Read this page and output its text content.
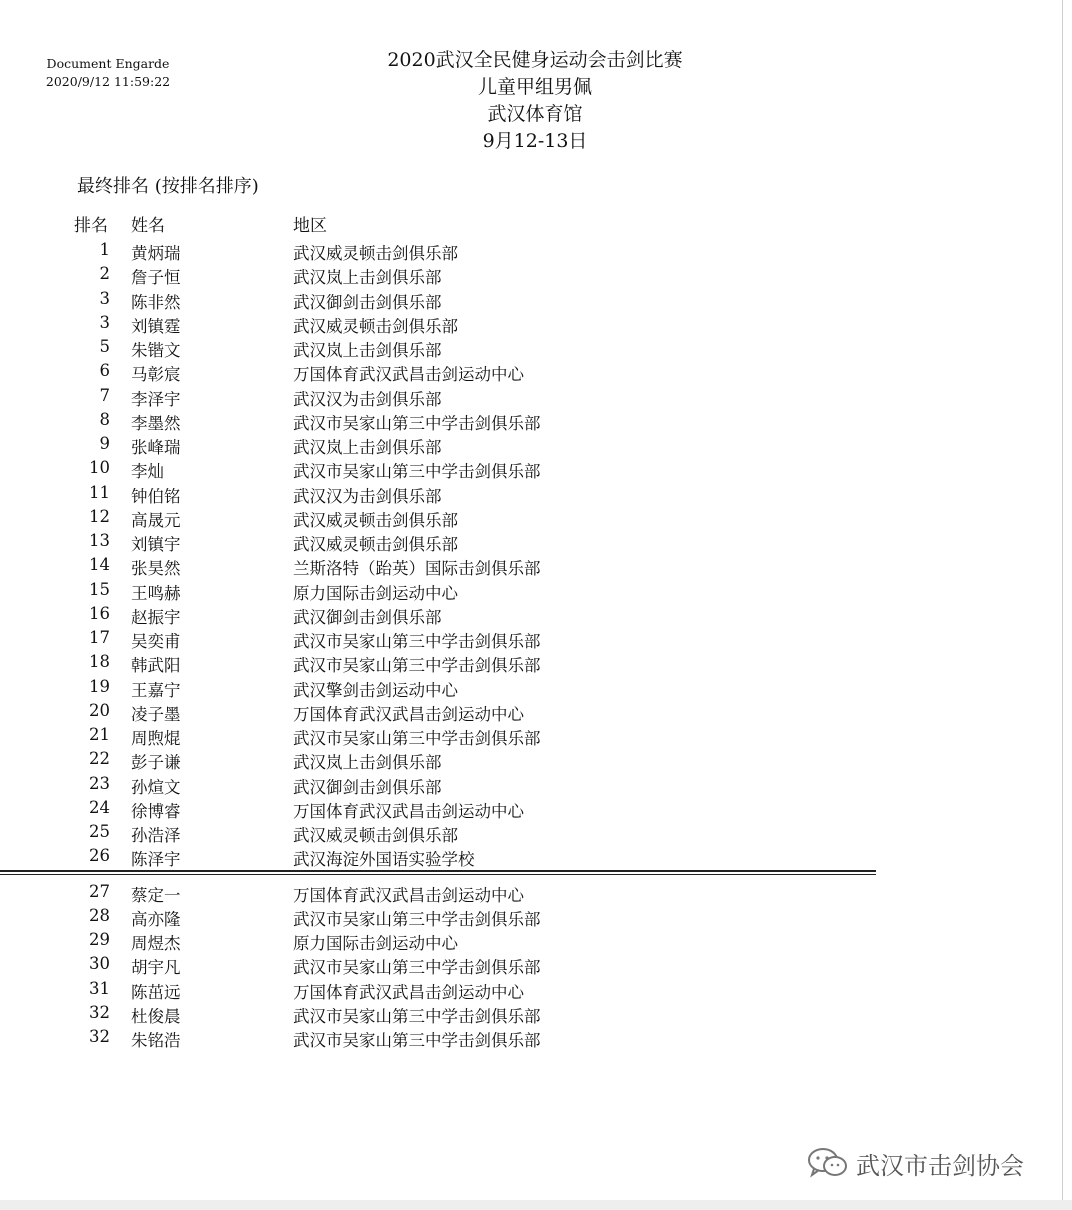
Document Engarde
2020/9/12 11:59:22
2020武汉全民健身运动会击剑比赛
儿童甲组男佩
武汉体育馆
9月12-13日
最终排名 (按排名排序)
排名 姓名	地区
1 黄炳瑞	武汉威灵顿击剑俱乐部
2 詹子恒	武汉岚上击剑俱乐部
3 陈非然	武汉御剑击剑俱乐部
3 刘镇霆	武汉威灵顿击剑俱乐部
5 朱锴文	武汉岚上击剑俱乐部
6 马彰宸	万国体育武汉武昌击剑运动中心
7 李泽宇	武汉汉为击剑俱乐部
8 李墨然	武汉市吴家山第三中学击剑俱乐部
9 张峰瑞	武汉岚上击剑俱乐部
10 李灿	武汉市吴家山第三中学击剑俱乐部
11 钟伯铭	武汉汉为击剑俱乐部
12 高晟元	武汉威灵顿击剑俱乐部
13 刘镇宇	武汉威灵顿击剑俱乐部
14 张昊然	兰斯洛特（跆英）国际击剑俱乐部
15 王鸣赫	原力国际击剑运动中心
16 赵振宇	武汉御剑击剑俱乐部
17 吴奕甫	武汉市吴家山第三中学击剑俱乐部
18 韩武阳	武汉市吴家山第三中学击剑俱乐部
19 王嘉宁	武汉擎剑击剑运动中心
20 凌子墨	万国体育武汉武昌击剑运动中心
21 周煦焜	武汉市吴家山第三中学击剑俱乐部
22 彭子谦	武汉岚上击剑俱乐部
23 孙煊文	武汉御剑击剑俱乐部
24 徐博睿	万国体育武汉武昌击剑运动中心
25 孙浩泽	武汉威灵顿击剑俱乐部
26 陈泽宇	武汉海淀外国语实验学校
27 蔡定一	万国体育武汉武昌击剑运动中心
28 高亦隆	武汉市吴家山第三中学击剑俱乐部
29 周煜杰	原力国际击剑运动中心
30 胡宇凡	武汉市吴家山第三中学击剑俱乐部
31 陈茁远	万国体育武汉武昌击剑运动中心
32 杜俊晨	武汉市吴家山第三中学击剑俱乐部
32 朱铭浩	武汉市吴家山第三中学击剑俱乐部
武汉市击剑协会
